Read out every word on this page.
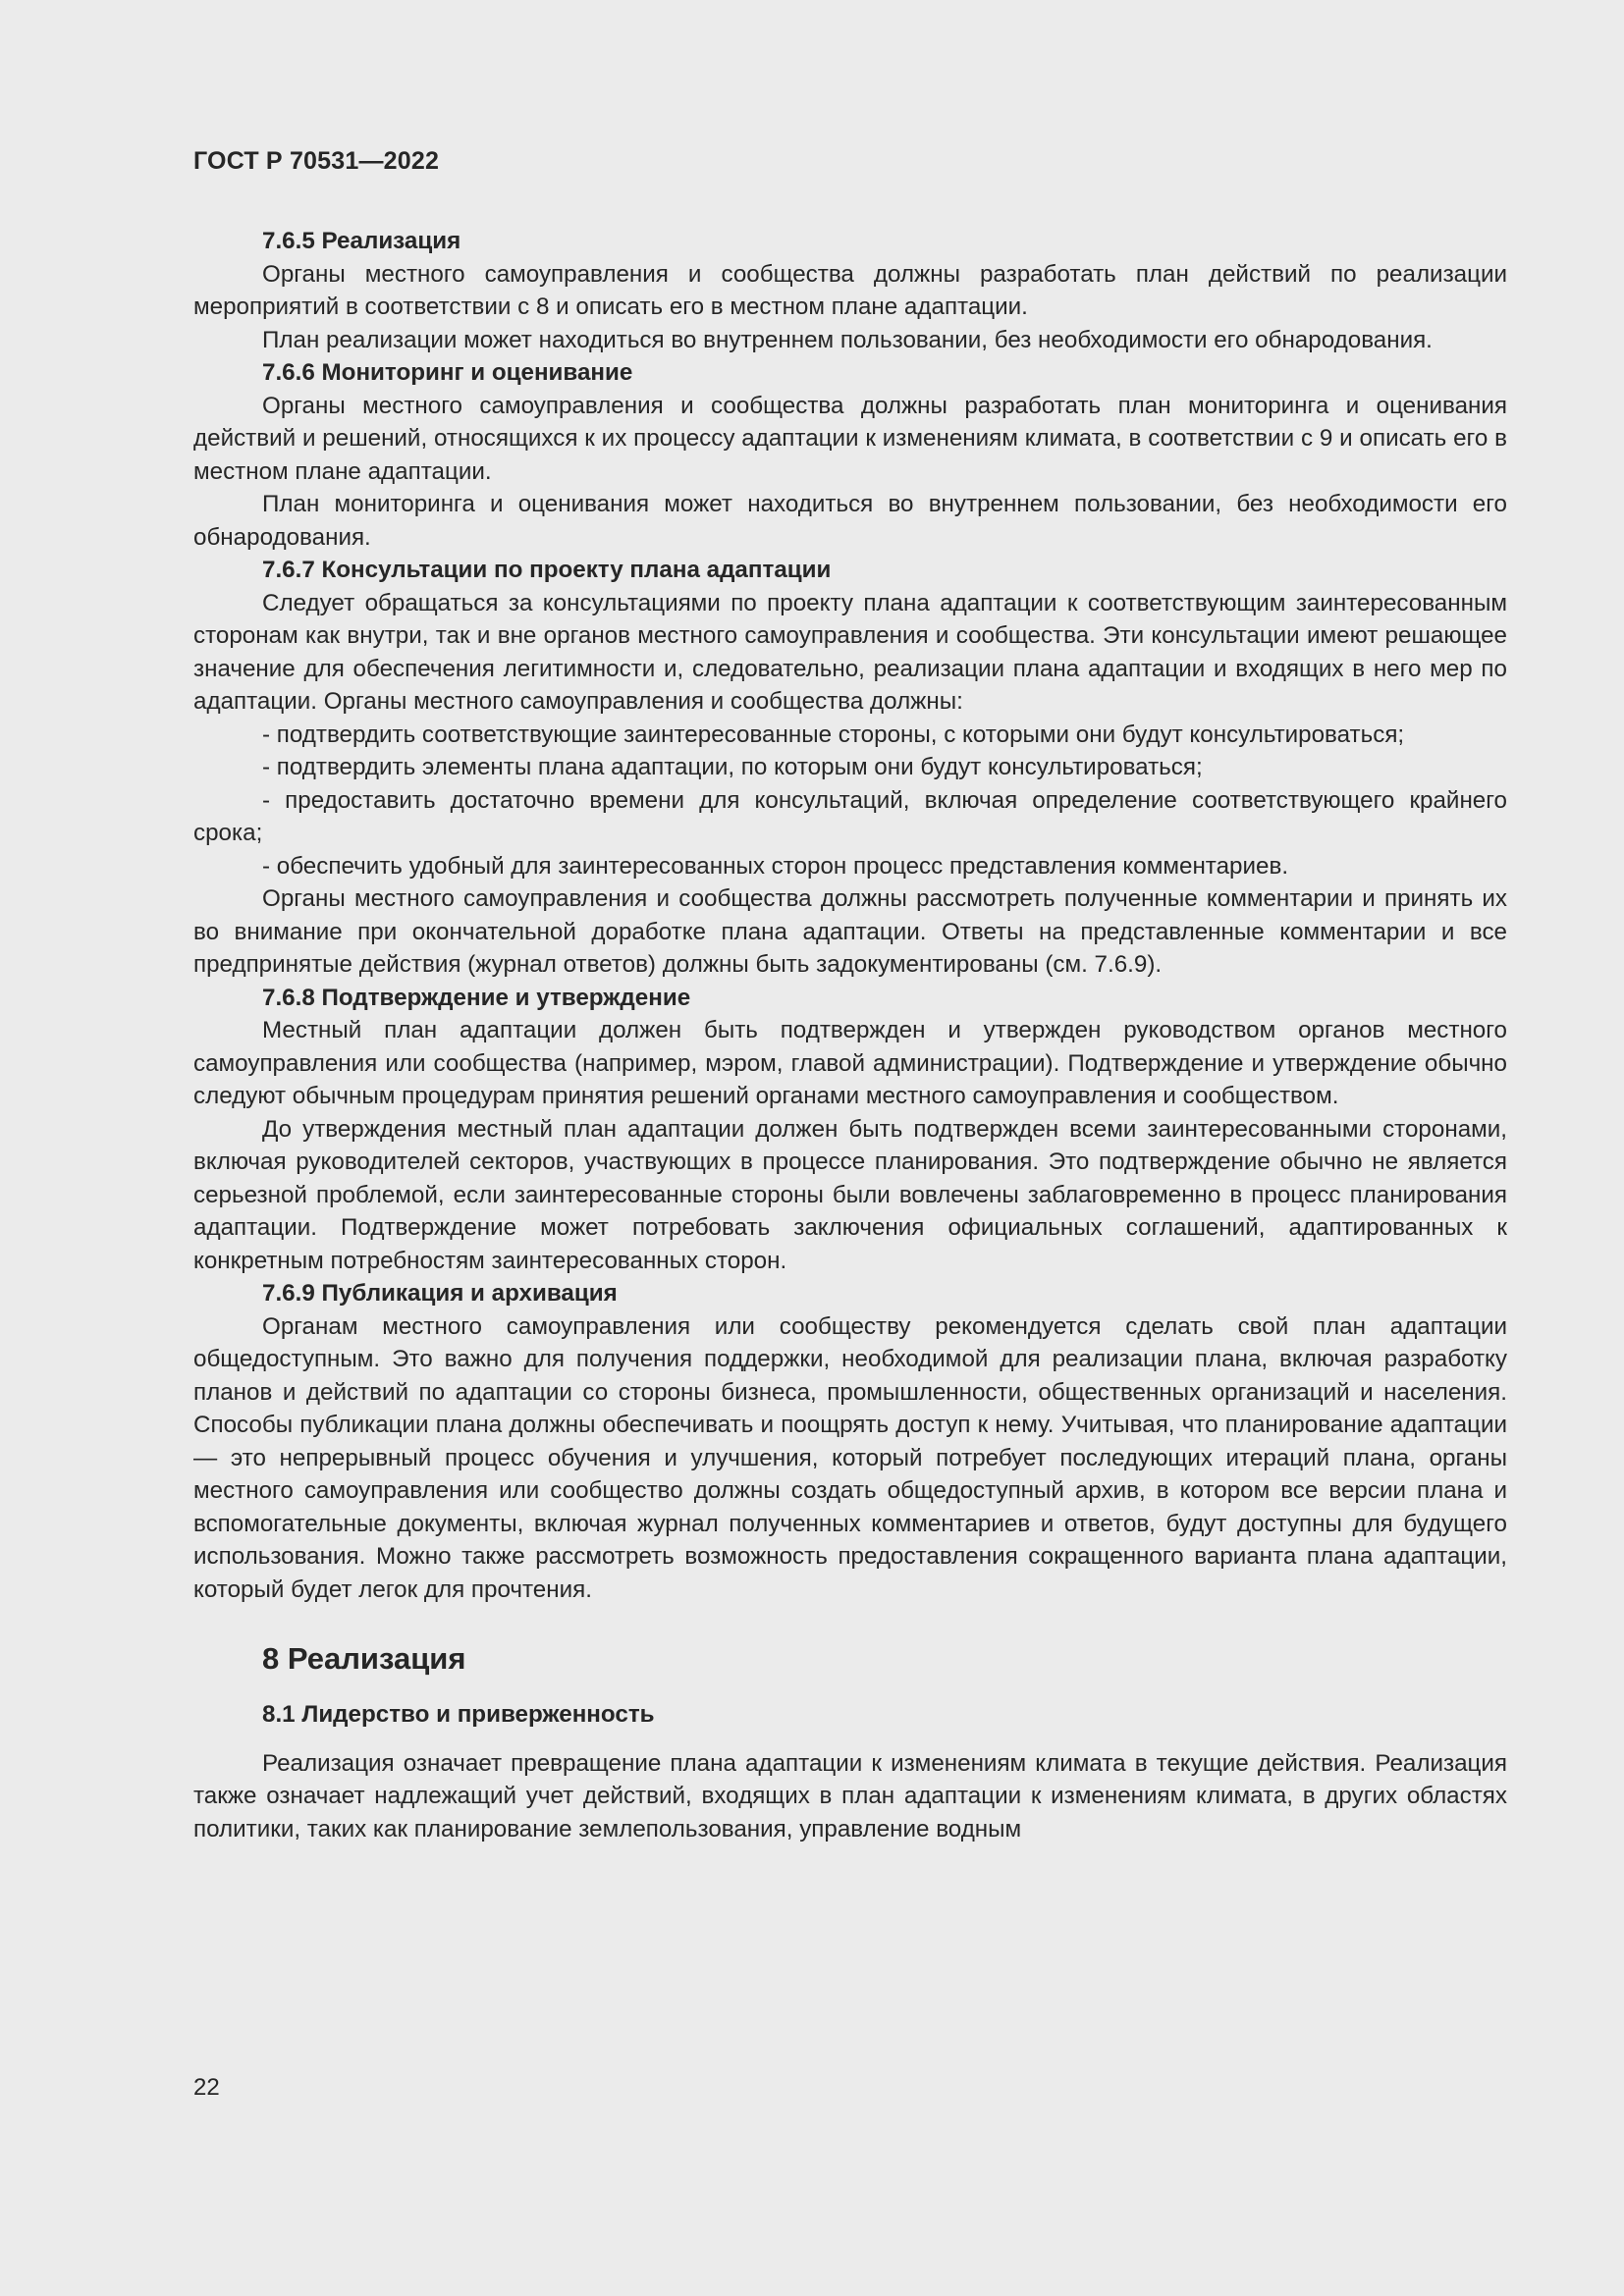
ГОСТ Р 70531—2022
7.6.5 Реализация

Органы местного самоуправления и сообщества должны разработать план действий по реализации мероприятий в соответствии с 8 и описать его в местном плане адаптации.

План реализации может находиться во внутреннем пользовании, без необходимости его обнародования.

7.6.6 Мониторинг и оценивание

Органы местного самоуправления и сообщества должны разработать план мониторинга и оценивания действий и решений, относящихся к их процессу адаптации к изменениям климата, в соответствии с 9 и описать его в местном плане адаптации.

План мониторинга и оценивания может находиться во внутреннем пользовании, без необходимости его обнародования.

7.6.7 Консультации по проекту плана адаптации

Следует обращаться за консультациями по проекту плана адаптации к соответствующим заинтересованным сторонам как внутри, так и вне органов местного самоуправления и сообщества. Эти консультации имеют решающее значение для обеспечения легитимности и, следовательно, реализации плана адаптации и входящих в него мер по адаптации. Органы местного самоуправления и сообщества должны:

- подтвердить соответствующие заинтересованные стороны, с которыми они будут консультироваться;
- подтвердить элементы плана адаптации, по которым они будут консультироваться;
- предоставить достаточно времени для консультаций, включая определение соответствующего крайнего срока;
- обеспечить удобный для заинтересованных сторон процесс представления комментариев.

Органы местного самоуправления и сообщества должны рассмотреть полученные комментарии и принять их во внимание при окончательной доработке плана адаптации. Ответы на представленные комментарии и все предпринятые действия (журнал ответов) должны быть задокументированы (см. 7.6.9).

7.6.8 Подтверждение и утверждение

Местный план адаптации должен быть подтвержден и утвержден руководством органов местного самоуправления или сообщества (например, мэром, главой администрации). Подтверждение и утверждение обычно следуют обычным процедурам принятия решений органами местного самоуправления и сообществом.

До утверждения местный план адаптации должен быть подтвержден всеми заинтересованными сторонами, включая руководителей секторов, участвующих в процессе планирования. Это подтверждение обычно не является серьезной проблемой, если заинтересованные стороны были вовлечены заблаговременно в процесс планирования адаптации. Подтверждение может потребовать заключения официальных соглашений, адаптированных к конкретным потребностям заинтересованных сторон.

7.6.9 Публикация и архивация

Органам местного самоуправления или сообществу рекомендуется сделать свой план адаптации общедоступным. Это важно для получения поддержки, необходимой для реализации плана, включая разработку планов и действий по адаптации со стороны бизнеса, промышленности, общественных организаций и населения. Способы публикации плана должны обеспечивать и поощрять доступ к нему. Учитывая, что планирование адаптации — это непрерывный процесс обучения и улучшения, который потребует последующих итераций плана, органы местного самоуправления или сообщество должны создать общедоступный архив, в котором все версии плана и вспомогательные документы, включая журнал полученных комментариев и ответов, будут доступны для будущего использования. Можно также рассмотреть возможность предоставления сокращенного варианта плана адаптации, который будет легок для прочтения.

8 Реализация
8.1 Лидерство и приверженность

Реализация означает превращение плана адаптации к изменениям климата в текущие действия. Реализация также означает надлежащий учет действий, входящих в план адаптации к изменениям климата, в других областях политики, таких как планирование землепользования, управление водным

22
